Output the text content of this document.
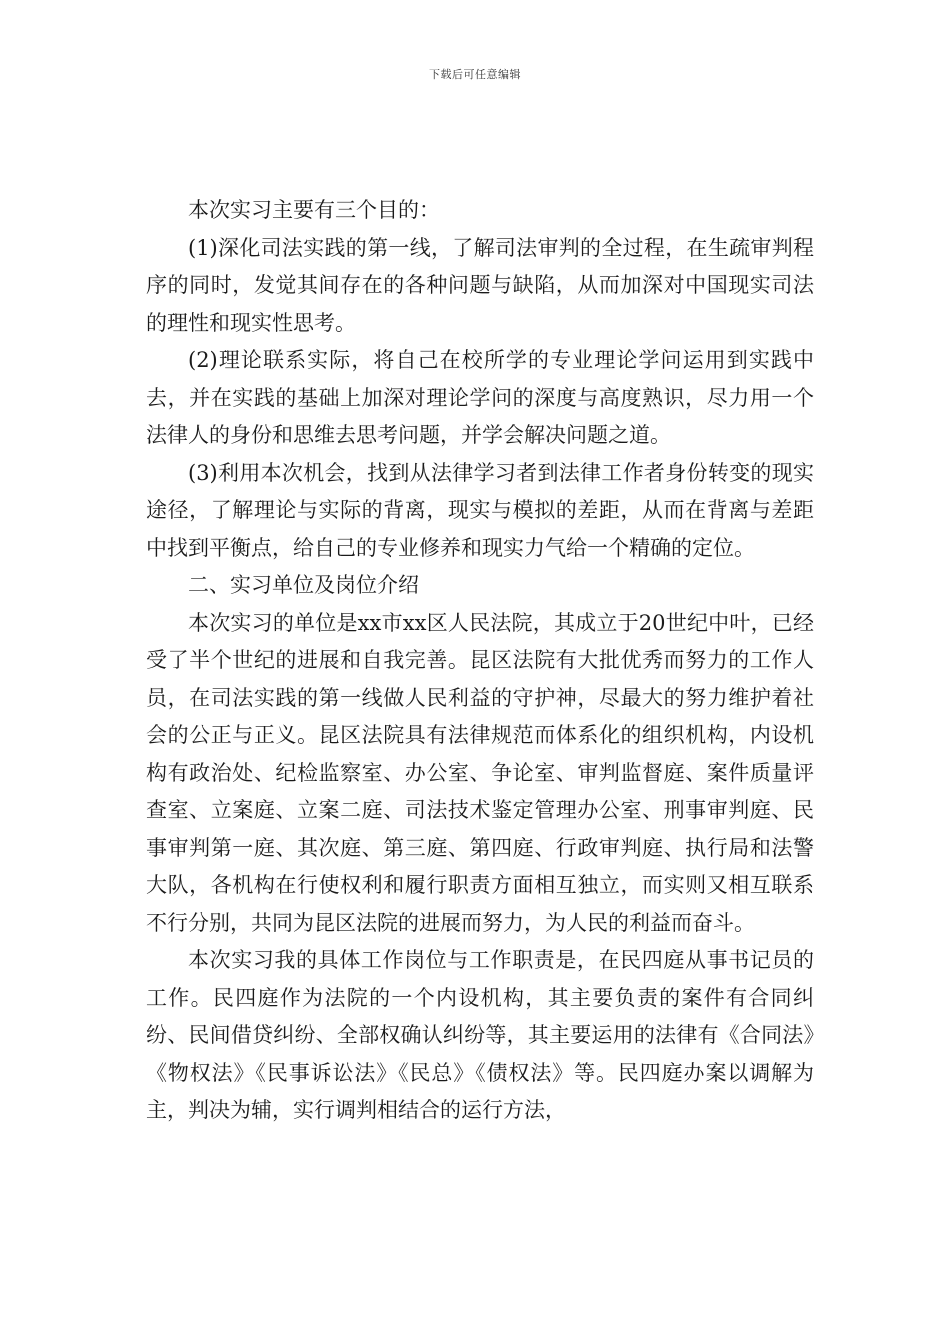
下载后可任意编辑

本次实习主要有三个目的：

(1)深化司法实践的第一线，了解司法审判的全过程，在生疏审判程序的同时，发觉其间存在的各种问题与缺陷，从而加深对中国现实司法的理性和现实性思考。

(2)理论联系实际，将自己在校所学的专业理论学问运用到实践中去，并在实践的基础上加深对理论学问的深度与高度熟识，尽力用一个法律人的身份和思维去思考问题，并学会解决问题之道。

(3)利用本次机会，找到从法律学习者到法律工作者身份转变的现实途径，了解理论与实际的背离，现实与模拟的差距，从而在背离与差距中找到平衡点，给自己的专业修养和现实力气给一个精确的定位。

二、实习单位及岗位介绍

本次实习的单位是xx市xx区人民法院，其成立于20世纪中叶，已经受了半个世纪的进展和自我完善。昆区法院有大批优秀而努力的工作人员，在司法实践的第一线做人民利益的守护神，尽最大的努力维护着社会的公正与正义。昆区法院具有法律规范而体系化的组织机构，内设机构有政治处、纪检监察室、办公室、争论室、审判监督庭、案件质量评查室、立案庭、立案二庭、司法技术鉴定管理办公室、刑事审判庭、民事审判第一庭、其次庭、第三庭、第四庭、行政审判庭、执行局和法警大队，各机构在行使权利和履行职责方面相互独立，而实则又相互联系不行分别，共同为昆区法院的进展而努力，为人民的利益而奋斗。

本次实习我的具体工作岗位与工作职责是，在民四庭从事书记员的工作。民四庭作为法院的一个内设机构，其主要负责的案件有合同纠纷、民间借贷纠纷、全部权确认纠纷等，其主要运用的法律有《合同法》《物权法》《民事诉讼法》《民总》《债权法》等。民四庭办案以调解为主，判决为辅，实行调判相结合的运行方法，
